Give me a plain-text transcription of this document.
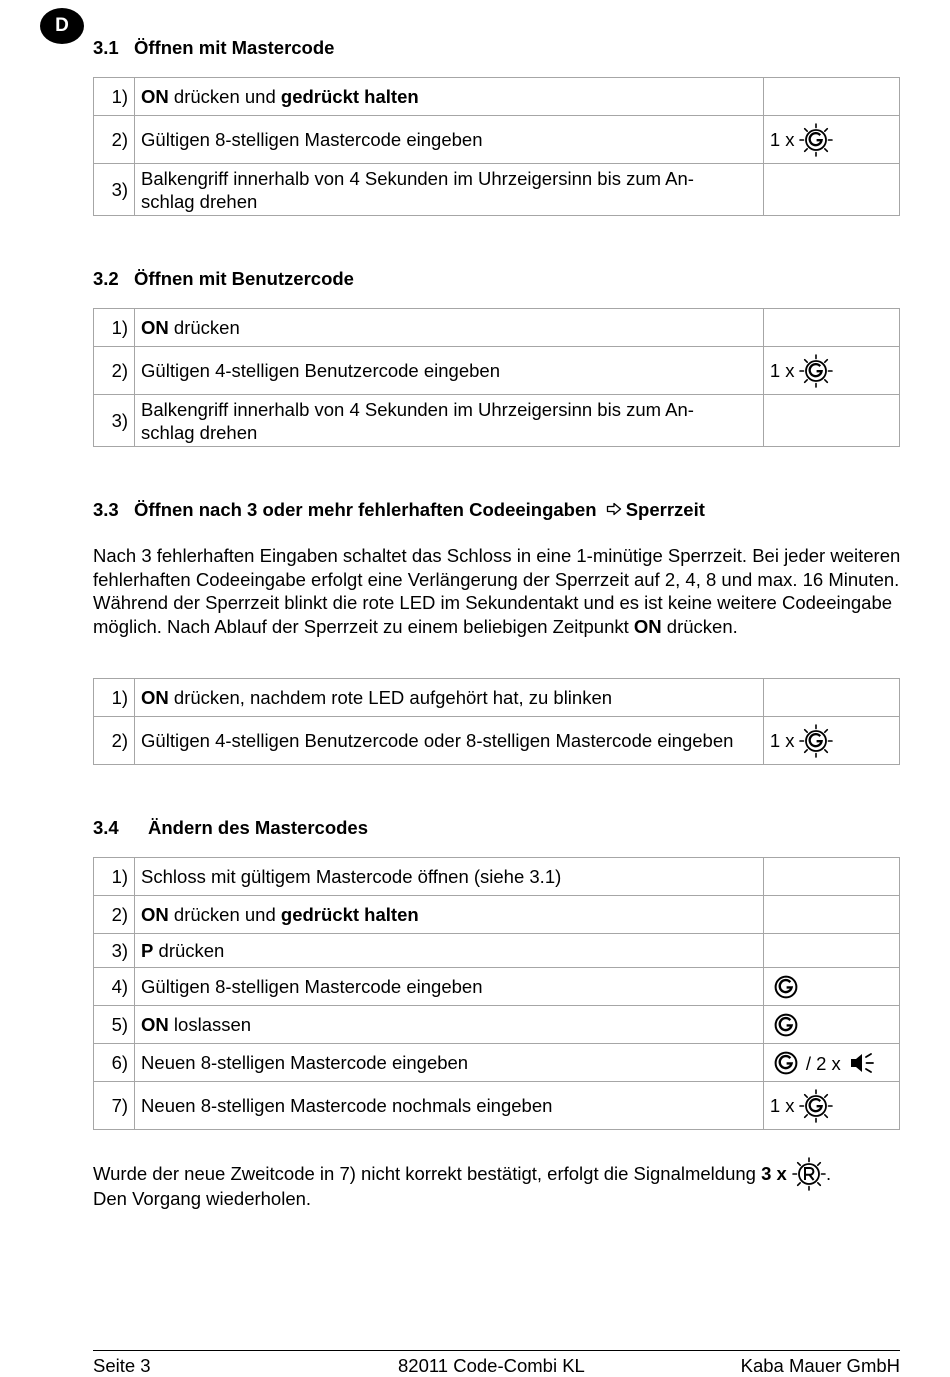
D
3.1 Öffnen mit Mastercode
1)	ON drücken und gedrückt halten	
2)	Gültigen 8-stelligen Mastercode eingeben	1 x

3)	Balkengriff innerhalb von 4 Sekunden im Uhrzeigersinn bis zum An-
schlag drehen	
3.2 Öffnen mit Benutzercode
1)	ON drücken	
2)	Gültigen 4-stelligen Benutzercode eingeben	1 x

3)	Balkengriff innerhalb von 4 Sekunden im Uhrzeigersinn bis zum An-
schlag drehen	
3.3 Öffnen nach 3 oder mehr fehlerhaften Codeeingaben Sperrzeit

Nach 3 fehlerhaften Eingaben schaltet das Schloss in eine 1-minütige Sperrzeit. Bei jeder weiteren fehlerhaften Codeeingabe erfolgt eine Verlängerung der Sperrzeit auf 2, 4, 8 und max. 16 Minuten. Während der Sperrzeit blinkt die rote LED im Sekundentakt und es ist keine weitere Codeeingabe möglich. Nach Ablauf der Sperrzeit zu einem beliebigen Zeitpunkt ON drücken.

1)	ON drücken, nachdem rote LED aufgehört hat, zu blinken	
2)	Gültigen 4-stelligen Benutzercode oder 8-stelligen Mastercode eingeben	1 x
3.4 Ändern des Mastercodes
1)	Schloss mit gültigem Mastercode öffnen (siehe 3.1)	
2)	ON drücken und gedrückt halten	
3)	P drücken	
4)	Gültigen 8-stelligen Mastercode eingeben	

5)	ON loslassen	

6)	Neuen 8-stelligen Mastercode eingeben	/ 2 x

7)	Neuen 8-stelligen Mastercode nochmals eingeben	1 x

Wurde der neue Zweitcode in 7) nicht korrekt bestätigt, erfolgt die Signalmeldung 3 x .
Den Vorgang wiederholen.

Seite 3	82011 Code-Combi KL	Kaba Mauer GmbH
